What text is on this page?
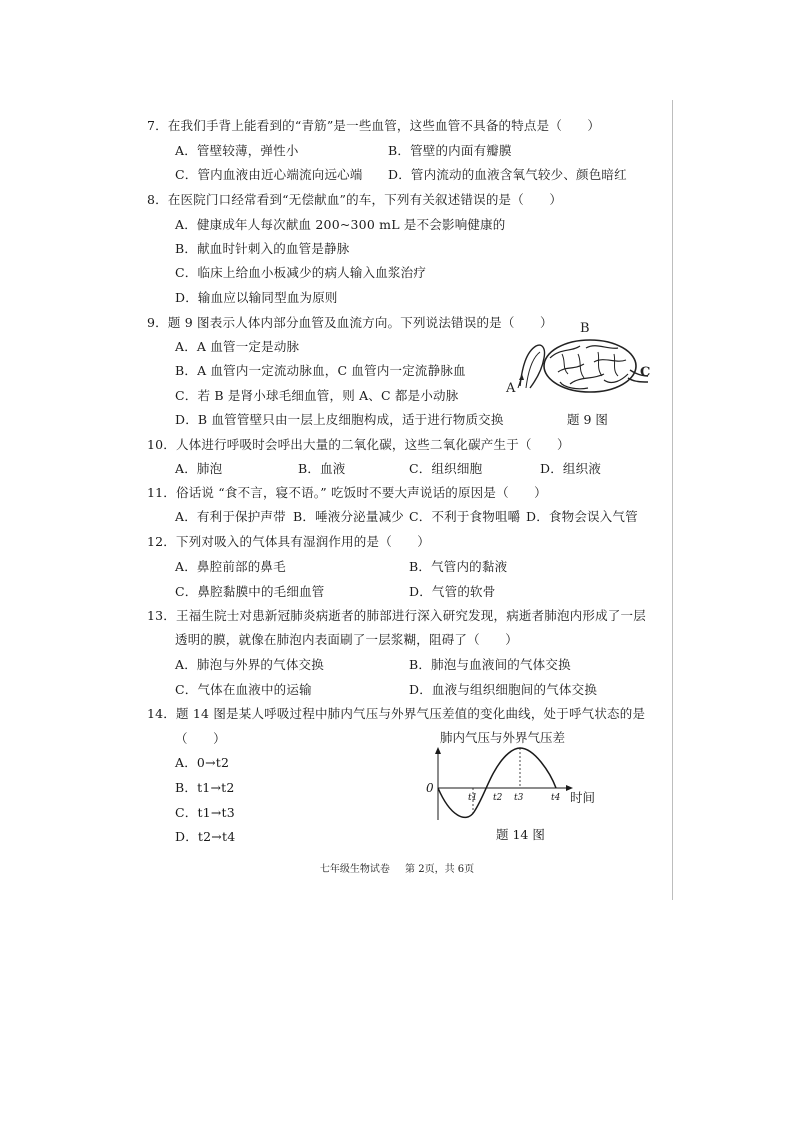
7．在我们手背上能看到的“青筋”是一些血管，这些血管不具备的特点是（　　）
A．管壁较薄，弹性小	B．管壁的内面有瓣膜
C．管内血液由近心端流向远心端 D．管内流动的血液含氧气较少、颜色暗红
8．在医院门口经常看到“无偿献血”的车，下列有关叙述错误的是（　　）
A．健康成年人每次献血 200~300 mL 是不会影响健康的
B．献血时针刺入的血管是静脉
C．临床上给血小板减少的病人输入血浆治疗
D．输血应以输同型血为原则
9．题 9 图表示人体内部分血管及血流方向。下列说法错误的是（　　）
A．A 血管一定是动脉
B．A 血管内一定流动脉血，C 血管内一定流静脉血
C．若 B 是肾小球毛细血管，则 A、C 都是小动脉
D．B 血管管壁只由一层上皮细胞构成，适于进行物质交换
A
B
C
题 9 图
10．人体进行呼吸时会呼出大量的二氧化碳，这些二氧化碳产生于（　　）
A．肺泡	B．血液	C．组织细胞	D．组织液
11．俗话说 “食不言，寝不语。” 吃饭时不要大声说话的原因是（　　）
A．有利于保护声带 B．唾液分泌量减少 C．不利于食物咀嚼 D．食物会误入气管
12．下列对吸入的气体具有湿润作用的是（　　）
A．鼻腔前部的鼻毛	B．气管内的黏液
C．鼻腔黏膜中的毛细血管	D．气管的软骨
13．王福生院士对患新冠肺炎病逝者的肺部进行深入研究发现，病逝者肺泡内形成了一层
透明的膜，就像在肺泡内表面刷了一层浆糊，阻碍了（　　）
A．肺泡与外界的气体交换	B．肺泡与血液间的气体交换
C．气体在血液中的运输	D．血液与组织细胞间的气体交换
14．题 14 图是某人呼吸过程中肺内气压与外界气压差值的变化曲线，处于呼气状态的是
（　　）
A．0→t2
B．t1→t2
C．t1→t3
D．t2→t4
肺内气压与外界气压差
0
时间
t1 t2 t3	t4
题 14 图
七年级生物试卷 第 2页，共 6页
